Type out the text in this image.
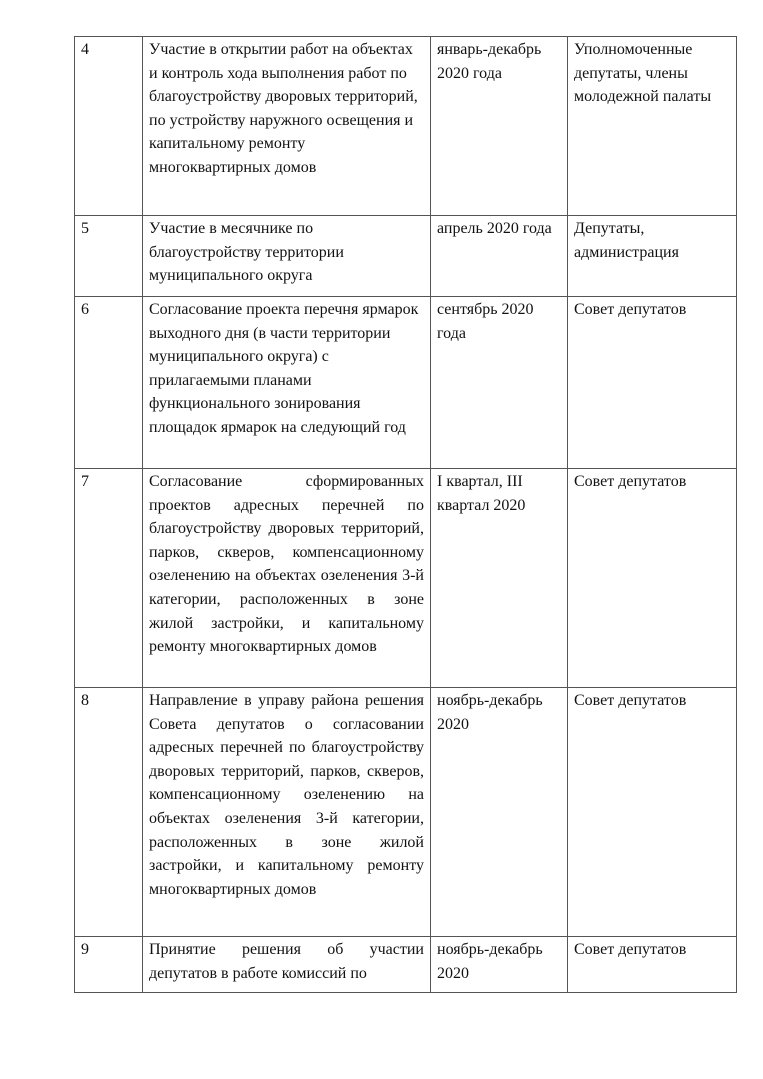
4	Участие в открытии работ на объектах и контроль хода выполнения работ по благоустройству дворовых территорий, по устройству наружного освещения и капитальному ремонту многоквартирных домов	январь-декабрь 2020 года	Уполномоченные депутаты, члены молодежной палаты
5	Участие в месячнике по благоустройству территории муниципального округа	апрель 2020 года	Депутаты, администрация
6	Согласование проекта перечня ярмарок выходного дня (в части территории муниципального округа) с прилагаемыми планами функционального зонирования площадок ярмарок на следующий год	сентябрь 2020 года	Совет депутатов
7	Согласование сформированных проектов адресных перечней по благоустройству дворовых территорий, парков, скверов, компенсационному озеленению на объектах озеленения 3-й категории, расположенных в зоне жилой застройки, и капитальному ремонту многоквартирных домов	I квартал, III квартал 2020	Совет депутатов
8	Направление в управу района решения Совета депутатов о согласовании адресных перечней по благоустройству дворовых территорий, парков, скверов, компенсационному озеленению на объектах озеленения 3-й категории, расположенных в зоне жилой застройки, и капитальному ремонту многоквартирных домов	ноябрь-декабрь 2020	Совет депутатов
9	Принятие решения об участии депутатов в работе комиссий по	ноябрь-декабрь 2020	Совет депутатов
